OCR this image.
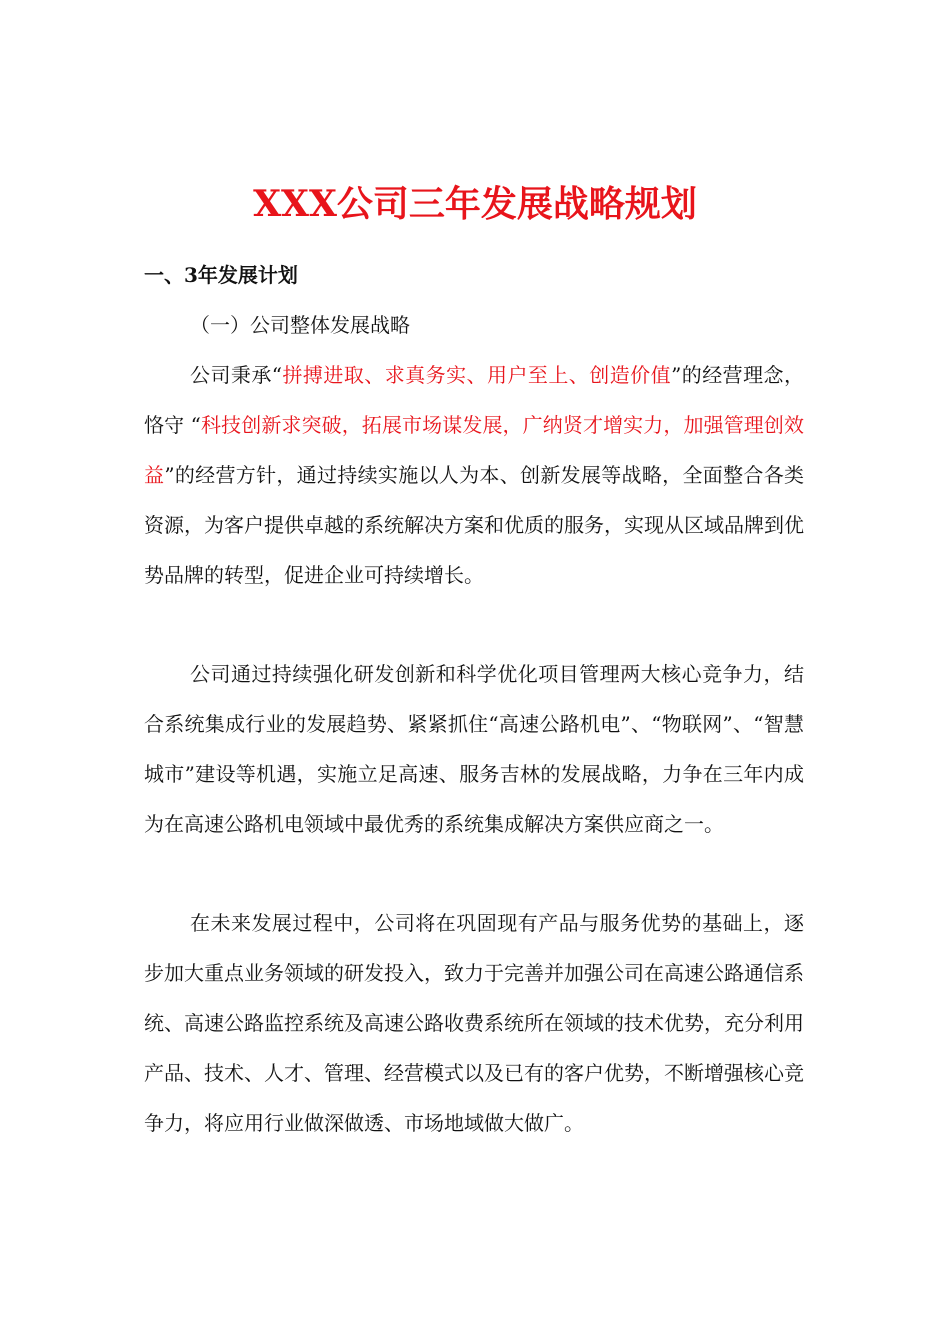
XXX公司三年发展战略规划
一、3年发展计划
（一）公司整体发展战略

公司秉承“拼搏进取、求真务实、用户至上、创造价值”的经营理念，恪守 “科技创新求突破，拓展市场谋发展，广纳贤才增实力，加强管理创效益”的经营方针，通过持续实施以人为本、创新发展等战略，全面整合各类资源，为客户提供卓越的系统解决方案和优质的服务，实现从区域品牌到优势品牌的转型，促进企业可持续增长。

公司通过持续强化研发创新和科学优化项目管理两大核心竞争力，结合系统集成行业的发展趋势、紧紧抓住“高速公路机电”、“物联网”、“智慧城市”建设等机遇，实施立足高速、服务吉林的发展战略，力争在三年内成为在高速公路机电领域中最优秀的系统集成解决方案供应商之一。

在未来发展过程中，公司将在巩固现有产品与服务优势的基础上，逐步加大重点业务领域的研发投入，致力于完善并加强公司在高速公路通信系统、高速公路监控系统及高速公路收费系统所在领域的技术优势，充分利用产品、技术、人才、管理、经营模式以及已有的客户优势，不断增强核心竞争力，将应用行业做深做透、市场地域做大做广。
